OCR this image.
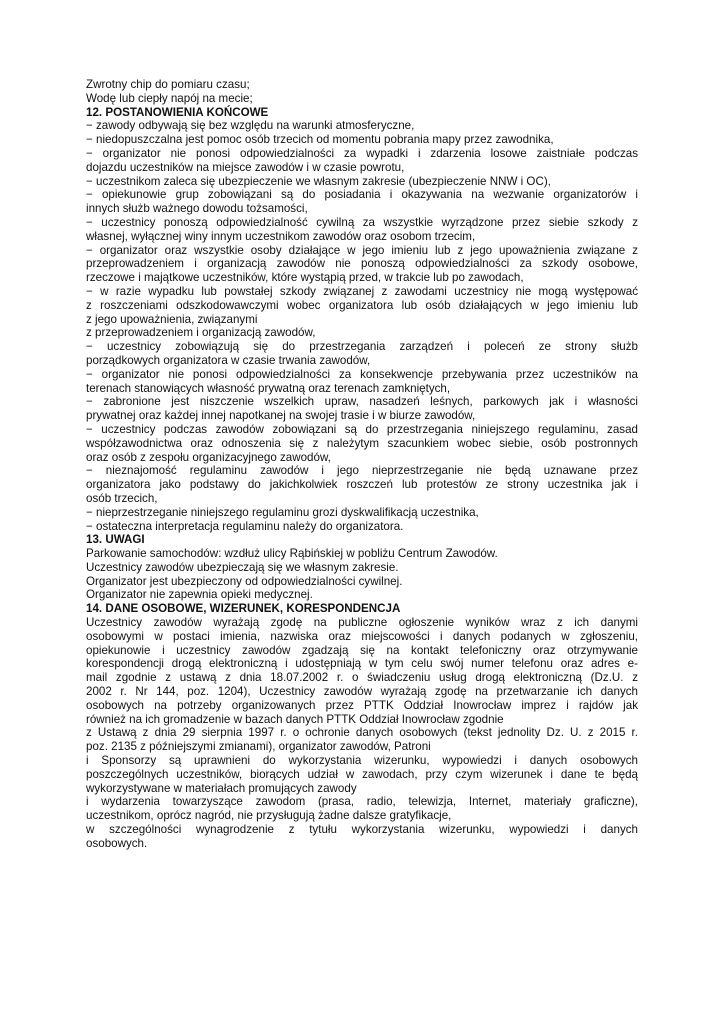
Zwrotny chip do pomiaru czasu;
Wodę lub ciepły napój na mecie;
12. POSTANOWIENIA KOŃCOWE
− zawody odbywają się bez względu na warunki atmosferyczne,
− niedopuszczalna jest pomoc osób trzecich od momentu pobrania mapy przez zawodnika,
− organizator nie ponosi odpowiedzialności za wypadki i zdarzenia losowe zaistniałe podczas
dojazdu uczestników na miejsce zawodów i w czasie powrotu,
− uczestnikom zaleca się ubezpieczenie we własnym zakresie (ubezpieczenie NNW i OC),
− opiekunowie grup zobowiązani są do posiadania i okazywania na wezwanie organizatorów i
innych służb ważnego dowodu tożsamości,
− uczestnicy ponoszą odpowiedzialność cywilną za wszystkie wyrządzone przez siebie szkody z
własnej, wyłącznej winy innym uczestnikom zawodów oraz osobom trzecim,
− organizator oraz wszystkie osoby działające w jego imieniu lub z jego upoważnienia związane z
przeprowadzeniem i organizacją zawodów nie ponoszą odpowiedzialności za szkody osobowe,
rzeczowe i majątkowe uczestników, które wystąpią przed, w trakcie lub po zawodach,
− w razie wypadku lub powstałej szkody związanej z zawodami uczestnicy nie mogą występować
z roszczeniami odszkodowawczymi wobec organizatora lub osób działających w jego imieniu lub
z jego upoważnienia, związanymi
z przeprowadzeniem i organizacją zawodów,
− uczestnicy zobowiązują się do przestrzegania zarządzeń i poleceń ze strony służb
porządkowych organizatora w czasie trwania zawodów,
− organizator nie ponosi odpowiedzialności za konsekwencje przebywania przez uczestników na
terenach stanowiących własność prywatną oraz terenach zamkniętych,
− zabronione jest niszczenie wszelkich upraw, nasadzeń leśnych, parkowych jak i własności
prywatnej oraz każdej innej napotkanej na swojej trasie i w biurze zawodów,
− uczestnicy podczas zawodów zobowiązani są do przestrzegania niniejszego regulaminu, zasad
współzawodnictwa oraz odnoszenia się z należytym szacunkiem wobec siebie, osób postronnych
oraz osób z zespołu organizacyjnego zawodów,
− nieznajomość regulaminu zawodów i jego nieprzestrzeganie nie będą uznawane przez
organizatora jako podstawy do jakichkolwiek roszczeń lub protestów ze strony uczestnika jak i
osób trzecich,
− nieprzestrzeganie niniejszego regulaminu grozi dyskwalifikacją uczestnika,
− ostateczna interpretacja regulaminu należy do organizatora.
13. UWAGI
Parkowanie samochodów: wzdłuż ulicy Rąbińskiej w pobliżu Centrum Zawodów.
Uczestnicy zawodów ubezpieczają się we własnym zakresie.
Organizator jest ubezpieczony od odpowiedzialności cywilnej.
Organizator nie zapewnia opieki medycznej.
14. DANE OSOBOWE, WIZERUNEK, KORESPONDENCJA
Uczestnicy zawodów wyrażają zgodę na publiczne ogłoszenie wyników wraz z ich danymi
osobowymi w postaci imienia, nazwiska oraz miejscowości i danych podanych w zgłoszeniu,
opiekunowie i uczestnicy zawodów zgadzają się na kontakt telefoniczny oraz otrzymywanie
korespondencji drogą elektroniczną i udostępniają w tym celu swój numer telefonu oraz adres e-
mail zgodnie z ustawą z dnia 18.07.2002 r. o świadczeniu usług drogą elektroniczną (Dz.U. z
2002 r. Nr 144, poz. 1204), Uczestnicy zawodów wyrażają zgodę na przetwarzanie ich danych
osobowych na potrzeby organizowanych przez PTTK Oddział Inowrocław imprez i rajdów jak
również na ich gromadzenie w bazach danych PTTK Oddział Inowrocław zgodnie
z Ustawą z dnia 29 sierpnia 1997 r. o ochronie danych osobowych (tekst jednolity Dz. U. z 2015 r.
poz. 2135 z późniejszymi zmianami), organizator zawodów, Patroni
i Sponsorzy są uprawnieni do wykorzystania wizerunku, wypowiedzi i danych osobowych
poszczególnych uczestników, biorących udział w zawodach, przy czym wizerunek i dane te będą
wykorzystywane w materiałach promujących zawody
i wydarzenia towarzyszące zawodom (prasa, radio, telewizja, Internet, materiały graficzne),
uczestnikom, oprócz nagród, nie przysługują żadne dalsze gratyfikacje,
w szczególności wynagrodzenie z tytułu wykorzystania wizerunku, wypowiedzi i danych
osobowych.
